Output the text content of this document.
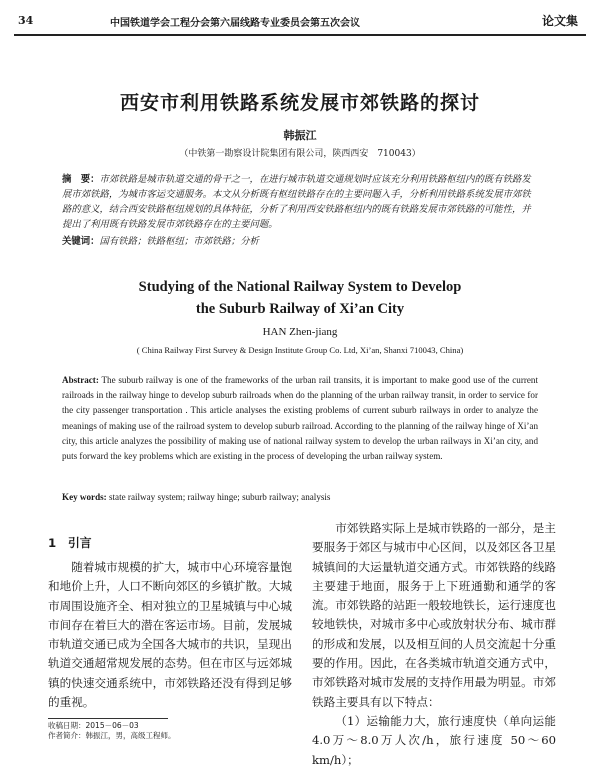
34	中国铁道学会工程分会第六届线路专业委员会第五次会议	论文集
西安市利用铁路系统发展市郊铁路的探讨
韩振江
（中铁第一勘察设计院集团有限公司，陕西西安　710043）
摘　要：市郊铁路是城市轨道交通的骨干之一，在进行城市轨道交通规划时应该充分利用铁路枢纽内的既有铁路发展市郊铁路，为城市客运交通服务。本文从分析既有枢纽铁路存在的主要问题入手，分析利用铁路系统发展市郊铁路的意义，结合西安铁路枢纽规划的具体特征，分析了利用西安铁路枢纽内的既有铁路发展市郊铁路的可能性，并提出了利用既有铁路发展市郊铁路存在的主要问题。
关键词：国有铁路；铁路枢纽；市郊铁路；分析
Studying of the National Railway System to Develop
the Suburb Railway of Xi’an City
HAN Zhen-jiang
( China Railway First Survey & Design Institute Group Co. Ltd, Xi’an, Shanxi 710043, China)
Abstract: The suburb railway is one of the frameworks of the urban rail transits, it is important to make good use of the current railroads in the railway hinge to develop suburb railroads when do the planning of the urban railway transit, in order to service for the city passenger transportation . This article analyses the existing problems of current suburb railways in order to analyze the meanings of making use of the railroad system to develop suburb railroad. According to the planning of the railway hinge of Xi’an city, this article analyzes the possibility of making use of national railway system to develop the urban railways in Xi’an city, and puts forward the key problems which are existing in the process of developing the urban railway system.
Key words: state railway system; railway hinge; suburb railway; analysis
1　引言

随着城市规模的扩大，城市中心环境容量饱和地价上升，人口不断向郊区的乡镇扩散。大城市周围设施齐全、相对独立的卫星城镇与中心城市间存在着巨大的潜在客运市场。目前，发展城市轨道交通已成为全国各大城市的共识，呈现出轨道交通超常规发展的态势。但在市区与远郊城镇的快速交通系统中，市郊铁路还没有得到足够的重视。

市郊铁路实际上是城市铁路的一部分，是主要服务于郊区与城市中心区间，以及郊区各卫星城镇间的大运量轨道交通方式。市郊铁路的线路主要建于地面，服务于上下班通勤和通学的客流。市郊铁路的站距一般较地铁长，运行速度也较地铁快，对城市多中心或放射状分布、城市群的形成和发展，以及相互间的人员交流起十分重要的作用。因此，在各类城市轨道交通方式中，市郊铁路对城市发展的支持作用最为明显。市郊铁路主要具有以下特点：

（1）运输能力大，旅行速度快（单向运能 4.0万～8.0万人次/h，旅行速度 50～60 km/h）；

收稿日期：2015－06－03
作者简介：韩振江，男，高级工程师。
